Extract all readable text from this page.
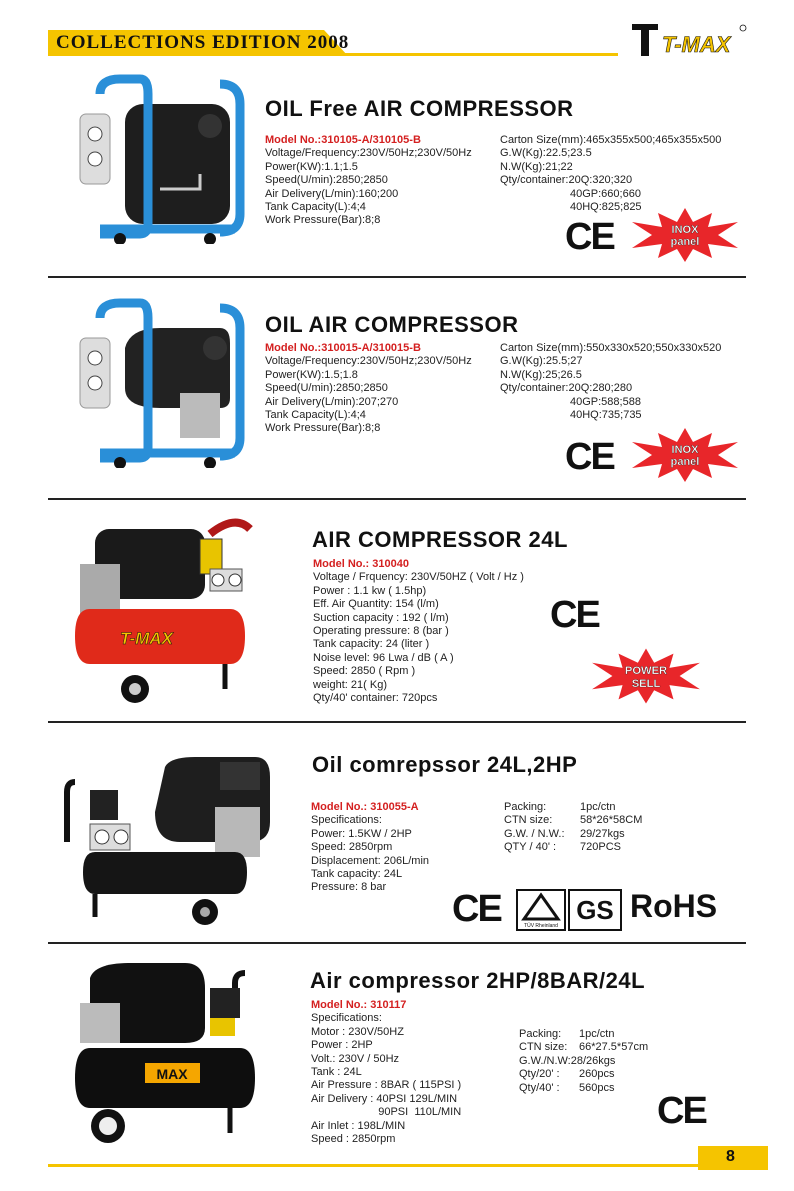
COLLECTIONS EDITION 2008	T-MAX
OIL Free AIR COMPRESSOR
Model No.:310105-A/310105-B
Voltage/Frequency:230V/50Hz;230V/50Hz
Power(KW):1.1;1.5
Speed(U/min):2850;2850
Air Delivery(L/min):160;200
Tank Capacity(L):4;4
Work Pressure(Bar):8;8
Carton Size(mm):465x355x500;465x355x500
G.W(Kg):22.5;23.5
N.W(Kg):21;22
Qty/container:20Q:320;320
40GP:660;660
40HQ:825;825
CE	INOX
panel
OIL AIR COMPRESSOR
Model No.:310015-A/310015-B
Voltage/Frequency:230V/50Hz;230V/50Hz
Power(KW):1.5;1.8
Speed(U/min):2850;2850
Air Delivery(L/min):207;270
Tank Capacity(L):4;4
Work Pressure(Bar):8;8
Carton Size(mm):550x330x520;550x330x520
G.W(Kg):25.5;27
N.W(Kg):25;26.5
Qty/container:20Q:280;280
40GP:588;588
40HQ:735;735
CE	INOX
panel
T-MAX
AIR COMPRESSOR 24L
Model No.: 310040
Voltage / Frquency: 230V/50HZ ( Volt / Hz )
Power : 1.1 kw ( 1.5hp)
Eff. Air Quantity: 154 (l/m)
Suction capacity : 192 ( l/m)
Operating pressure: 8 (bar )
Tank capacity: 24 (liter )
Noise level: 96 Lwa / dB ( A )
Speed: 2850 ( Rpm )
weight: 21( Kg)
Qty/40' container: 720pcs
CE
POWER
SELL
Oil comrepssor 24L,2HP
Model No.: 310055-A
Specifications:
Power: 1.5KW / 2HP
Speed: 2850rpm
Displacement: 206L/min
Tank capacity: 24L
Pressure: 8 bar
Packing:	1pc/ctn
CTN size:	58*26*58CM
G.W. / N.W.: 29/27kgs
QTY / 40' : 720PCS
CE	TÜV Rheinland
GS RoHS
MAX
Air compressor 2HP/8BAR/24L
Model No.: 310117
Specifications:
Motor : 230V/50HZ
Power : 2HP
Volt.: 230V / 50Hz
Tank : 24L
Air Pressure : 8BAR ( 115PSI )
Air Delivery : 40PSI 129L/MIN
90PSI  110L/MIN
Air Inlet : 198L/MIN
Speed : 2850rpm
Packing: 1pc/ctn
CTN size: 66*27.5*57cm
G.W./N.W:28/26kgs
Qty/20' : 260pcs
Qty/40' : 560pcs
CE
8
